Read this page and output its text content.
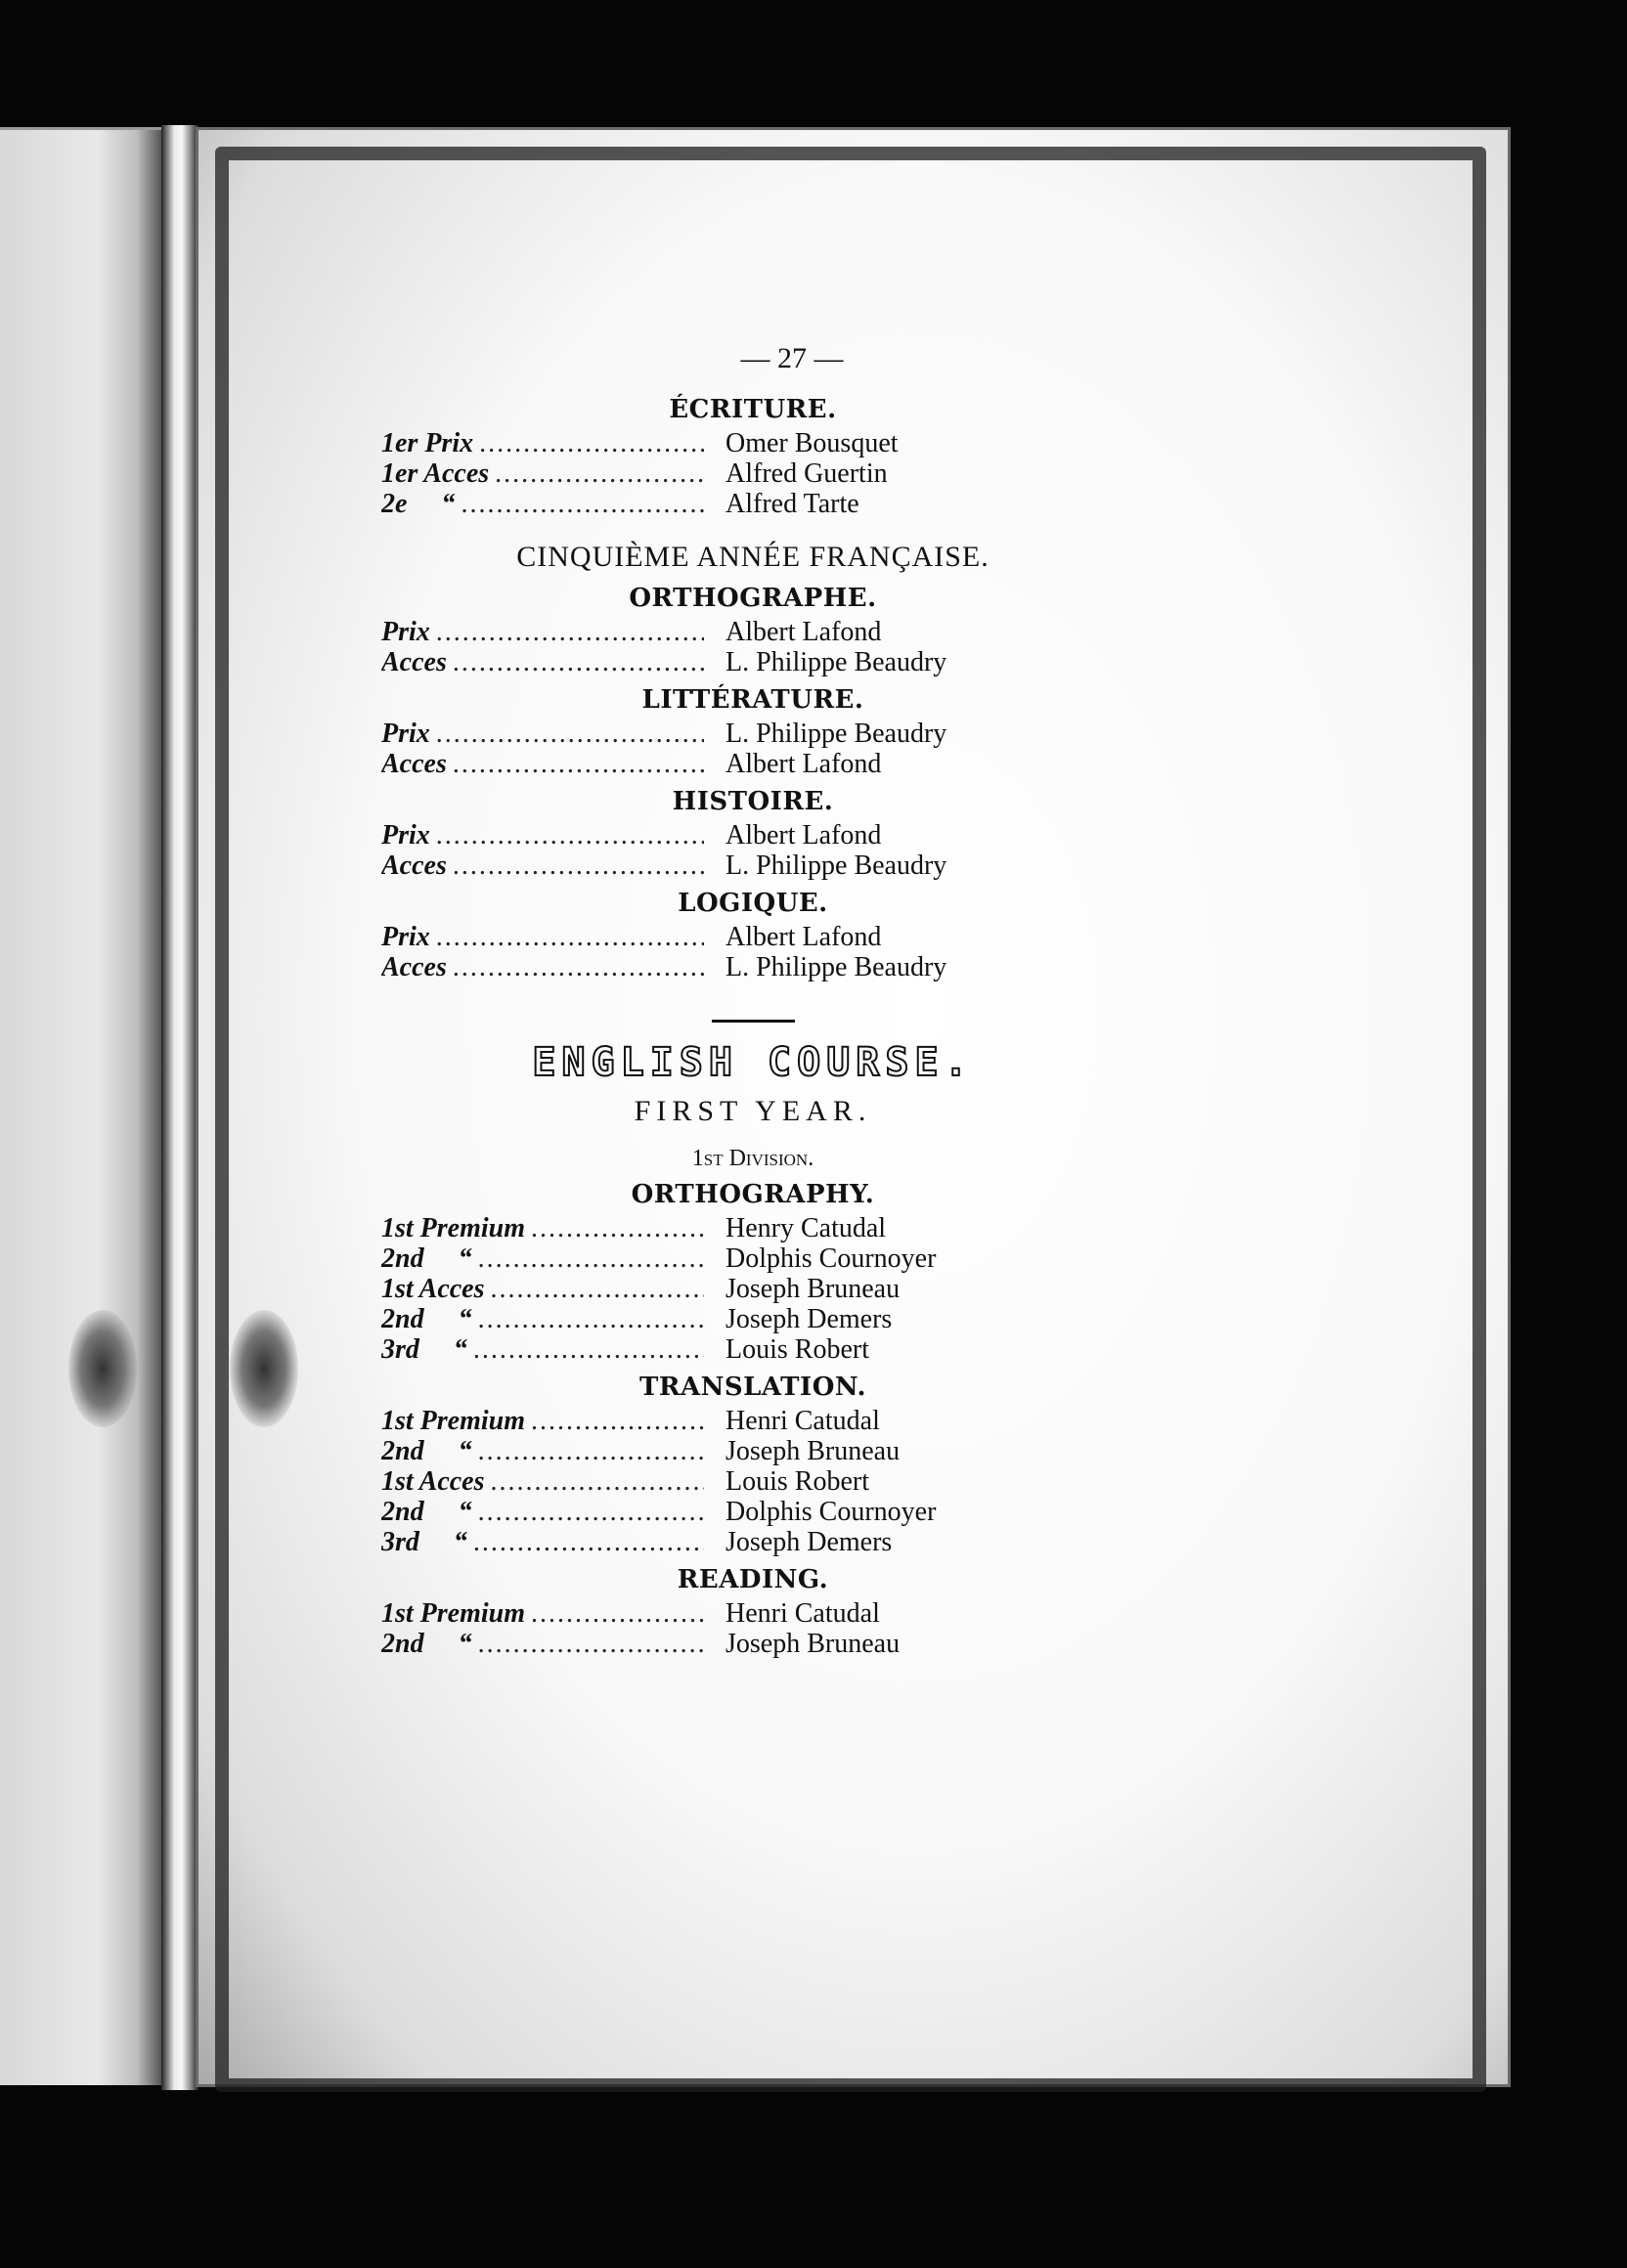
— 27 —
ÉCRITURE.
1er Prix .....	Omer Bousquet
1er Acces .....	Alfred Guertin
2e     “ .....	Alfred Tarte
CINQUIÈME ANNÉE FRANÇAISE.
ORTHOGRAPHE.
Prix .....	Albert Lafond
Acces .....	L. Philippe Beaudry
LITTÉRATURE.
Prix .....	L. Philippe Beaudry
Acces .....	Albert Lafond
HISTOIRE.
Prix .....	Albert Lafond
Acces .....	L. Philippe Beaudry
LOGIQUE.
Prix .....	Albert Lafond
Acces .....	L. Philippe Beaudry
ENGLISH COURSE.
FIRST YEAR.
1st Division.
ORTHOGRAPHY.
1st Premium .....	Henry Catudal
2nd     “ .....	Dolphis Cournoyer
1st Acces .....	Joseph Bruneau
2nd     “ .....	Joseph Demers
3rd     “ .....	Louis Robert
TRANSLATION.
1st Premium .....	Henri Catudal
2nd     “ .....	Joseph Bruneau
1st Acces .....	Louis Robert
2nd     “ .....	Dolphis Cournoyer
3rd     “ .....	Joseph Demers
READING.
1st Premium .....	Henri Catudal
2nd     “ .....	Joseph Bruneau
